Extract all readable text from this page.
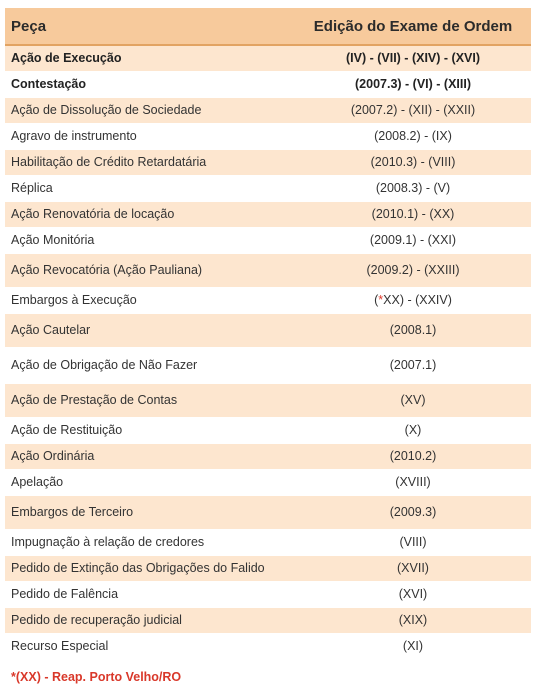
Peça	Edição do Exame de Ordem
Ação de Execução	(IV) - (VII) - (XIV) - (XVI)
Contestação	(2007.3) - (VI) - (XIII)
Ação de Dissolução de Sociedade	(2007.2) - (XII) - (XXII)
Agravo de instrumento	(2008.2) - (IX)
Habilitação de Crédito Retardatária	(2010.3) - (VIII)
Réplica	(2008.3) - (V)
Ação Renovatória de locação	(2010.1) - (XX)
Ação Monitória	(2009.1) - (XXI)
Ação Revocatória (Ação Pauliana)	(2009.2) - (XXIII)
Embargos à Execução	(*XX) - (XXIV)
Ação Cautelar	(2008.1)
Ação de Obrigação de Não Fazer	(2007.1)
Ação de Prestação de Contas	(XV)
Ação de Restituição	(X)
Ação Ordinária	(2010.2)
Apelação	(XVIII)
Embargos de Terceiro	(2009.3)
Impugnação à relação de credores	(VIII)
Pedido de Extinção das Obrigações do Falido	(XVII)
Pedido de Falência	(XVI)
Pedido de recuperação judicial	(XIX)
Recurso Especial	(XI)
*(XX) - Reap. Porto Velho/RO
